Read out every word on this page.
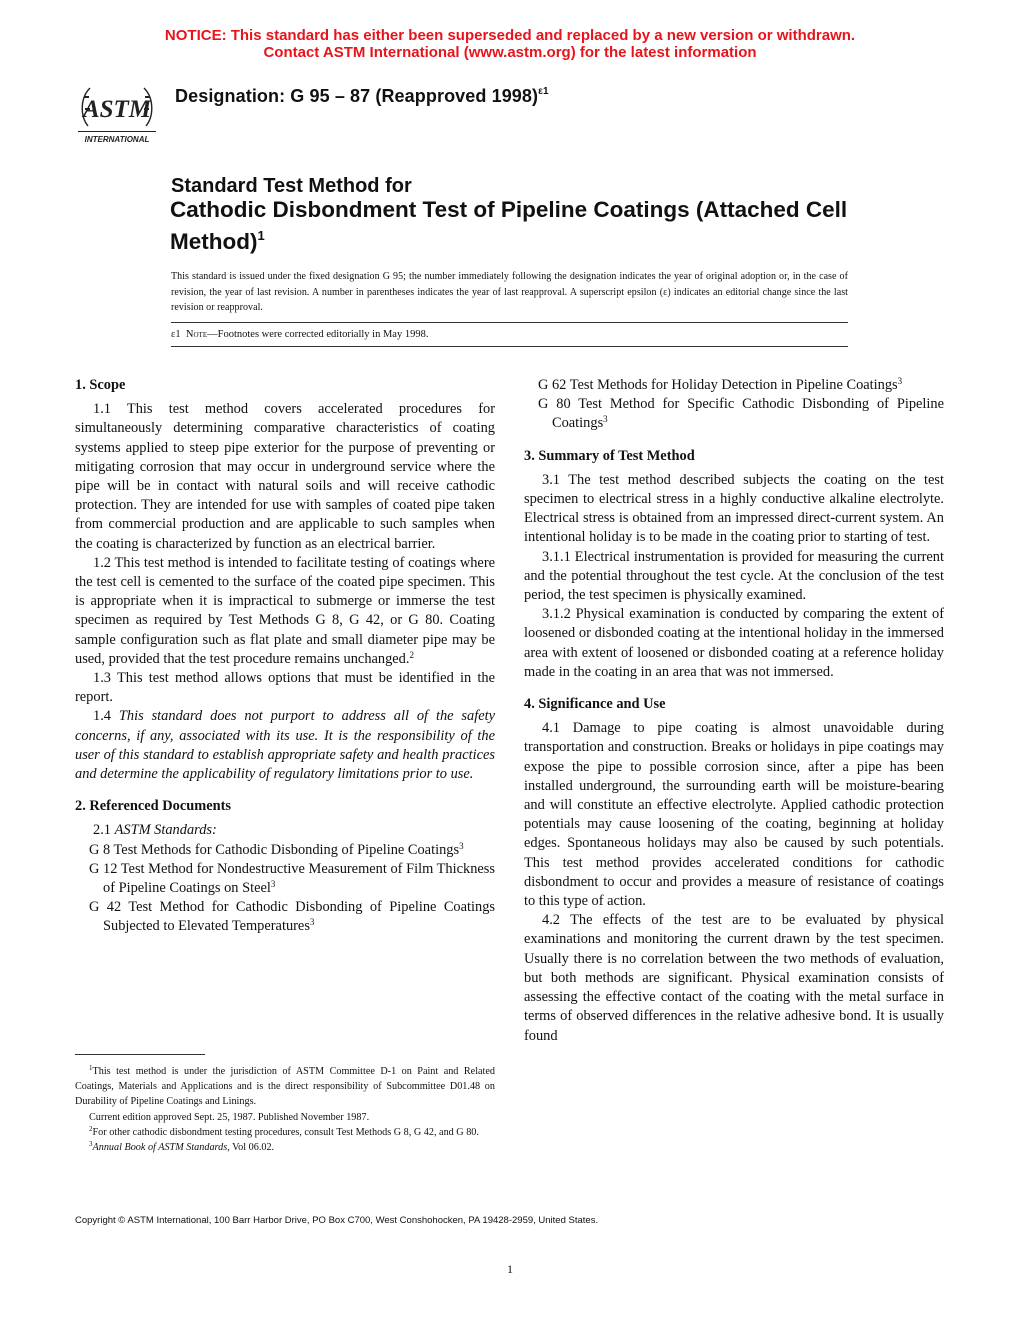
NOTICE: This standard has either been superseded and replaced by a new version or withdrawn.
Contact ASTM International (www.astm.org) for the latest information
ASTM
INTERNATIONAL
Designation: G 95 – 87 (Reapproved 1998)$^{\varepsilon 1}$
Standard Test Method for
Cathodic Disbondment Test of Pipeline Coatings (Attached Cell Method)$^1$
This standard is issued under the fixed designation G 95; the number immediately following the designation indicates the year of original adoption or, in the case of revision, the year of last revision. A number in parentheses indicates the year of last reapproval. A superscript epsilon (ε) indicates an editorial change since the last revision or reapproval.
ε1 Note—Footnotes were corrected editorially in May 1998.
1. Scope

1.1 This test method covers accelerated procedures for simultaneously determining comparative characteristics of coating systems applied to steep pipe exterior for the purpose of preventing or mitigating corrosion that may occur in underground service where the pipe will be in contact with natural soils and will receive cathodic protection. They are intended for use with samples of coated pipe taken from commercial production and are applicable to such samples when the coating is characterized by function as an electrical barrier.

1.2 This test method is intended to facilitate testing of coatings where the test cell is cemented to the surface of the coated pipe specimen. This is appropriate when it is impractical to submerge or immerse the test specimen as required by Test Methods G 8, G 42, or G 80. Coating sample configuration such as flat plate and small diameter pipe may be used, provided that the test procedure remains unchanged.$^2$

1.3 This test method allows options that must be identified in the report.

1.4 This standard does not purport to address all of the safety concerns, if any, associated with its use. It is the responsibility of the user of this standard to establish appropriate safety and health practices and determine the applicability of regulatory limitations prior to use.

2. Referenced Documents

2.1 ASTM Standards:

G 8 Test Methods for Cathodic Disbonding of Pipeline Coatings$^3$

G 12 Test Method for Nondestructive Measurement of Film Thickness of Pipeline Coatings on Steel$^3$

G 42 Test Method for Cathodic Disbonding of Pipeline Coatings Subjected to Elevated Temperatures$^3$

$^1$This test method is under the jurisdiction of ASTM Committee D-1 on Paint and Related Coatings, Materials and Applications and is the direct responsibility of Subcommittee D01.48 on Durability of Pipeline Coatings and Linings.

Current edition approved Sept. 25, 1987. Published November 1987.

$^2$For other cathodic disbondment testing procedures, consult Test Methods G 8, G 42, and G 80.

$^3$Annual Book of ASTM Standards, Vol 06.02.

G 62 Test Methods for Holiday Detection in Pipeline Coatings$^3$

G 80 Test Method for Specific Cathodic Disbonding of Pipeline Coatings$^3$

3. Summary of Test Method

3.1 The test method described subjects the coating on the test specimen to electrical stress in a highly conductive alkaline electrolyte. Electrical stress is obtained from an impressed direct-current system. An intentional holiday is to be made in the coating prior to starting of test.

3.1.1 Electrical instrumentation is provided for measuring the current and the potential throughout the test cycle. At the conclusion of the test period, the test specimen is physically examined.

3.1.2 Physical examination is conducted by comparing the extent of loosened or disbonded coating at the intentional holiday in the immersed area with extent of loosened or disbonded coating at a reference holiday made in the coating in an area that was not immersed.

4. Significance and Use

4.1 Damage to pipe coating is almost unavoidable during transportation and construction. Breaks or holidays in pipe coatings may expose the pipe to possible corrosion since, after a pipe has been installed underground, the surrounding earth will be moisture-bearing and will constitute an effective electrolyte. Applied cathodic protection potentials may cause loosening of the coating, beginning at holiday edges. Spontaneous holidays may also be caused by such potentials. This test method provides accelerated conditions for cathodic disbondment to occur and provides a measure of resistance of coatings to this type of action.

4.2 The effects of the test are to be evaluated by physical examinations and monitoring the current drawn by the test specimen. Usually there is no correlation between the two methods of evaluation, but both methods are significant. Physical examination consists of assessing the effective contact of the coating with the metal surface in terms of observed differences in the relative adhesive bond. It is usually found

Copyright © ASTM International, 100 Barr Harbor Drive, PO Box C700, West Conshohocken, PA 19428-2959, United States.
1
